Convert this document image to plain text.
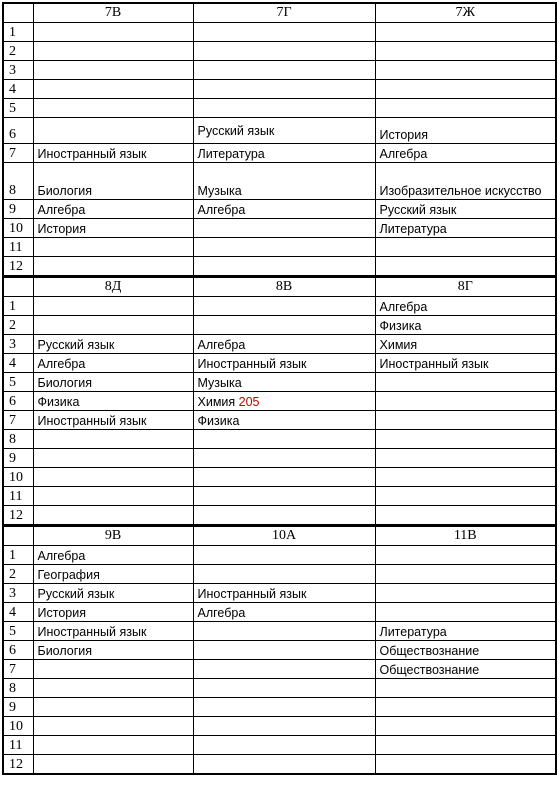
	7В	7Г	7Ж
1			
2			
3			
4			
5			
6		Русский язык	История
7	Иностранный язык	Литература	Алгебра
8	Биология	Музыка	Изобразительное искусство
9	Алгебра	Алгебра	Русский язык
10	История		Литература
11			
12			
	8Д	8В	8Г
1			Алгебра
2			Физика
3	Русский язык	Алгебра	Химия
4	Алгебра	Иностранный язык	Иностранный язык
5	Биология	Музыка	
6	Физика	Химия 205	
7	Иностранный язык	Физика	
8			
9			
10			
11			
12			
	9В	10А	11В
1	Алгебра		
2	География		
3	Русский язык	Иностранный язык	
4	История	Алгебра	
5	Иностранный язык		Литература
6	Биология		Обществознание
7			Обществознание
8			
9			
10			
11			
12			
